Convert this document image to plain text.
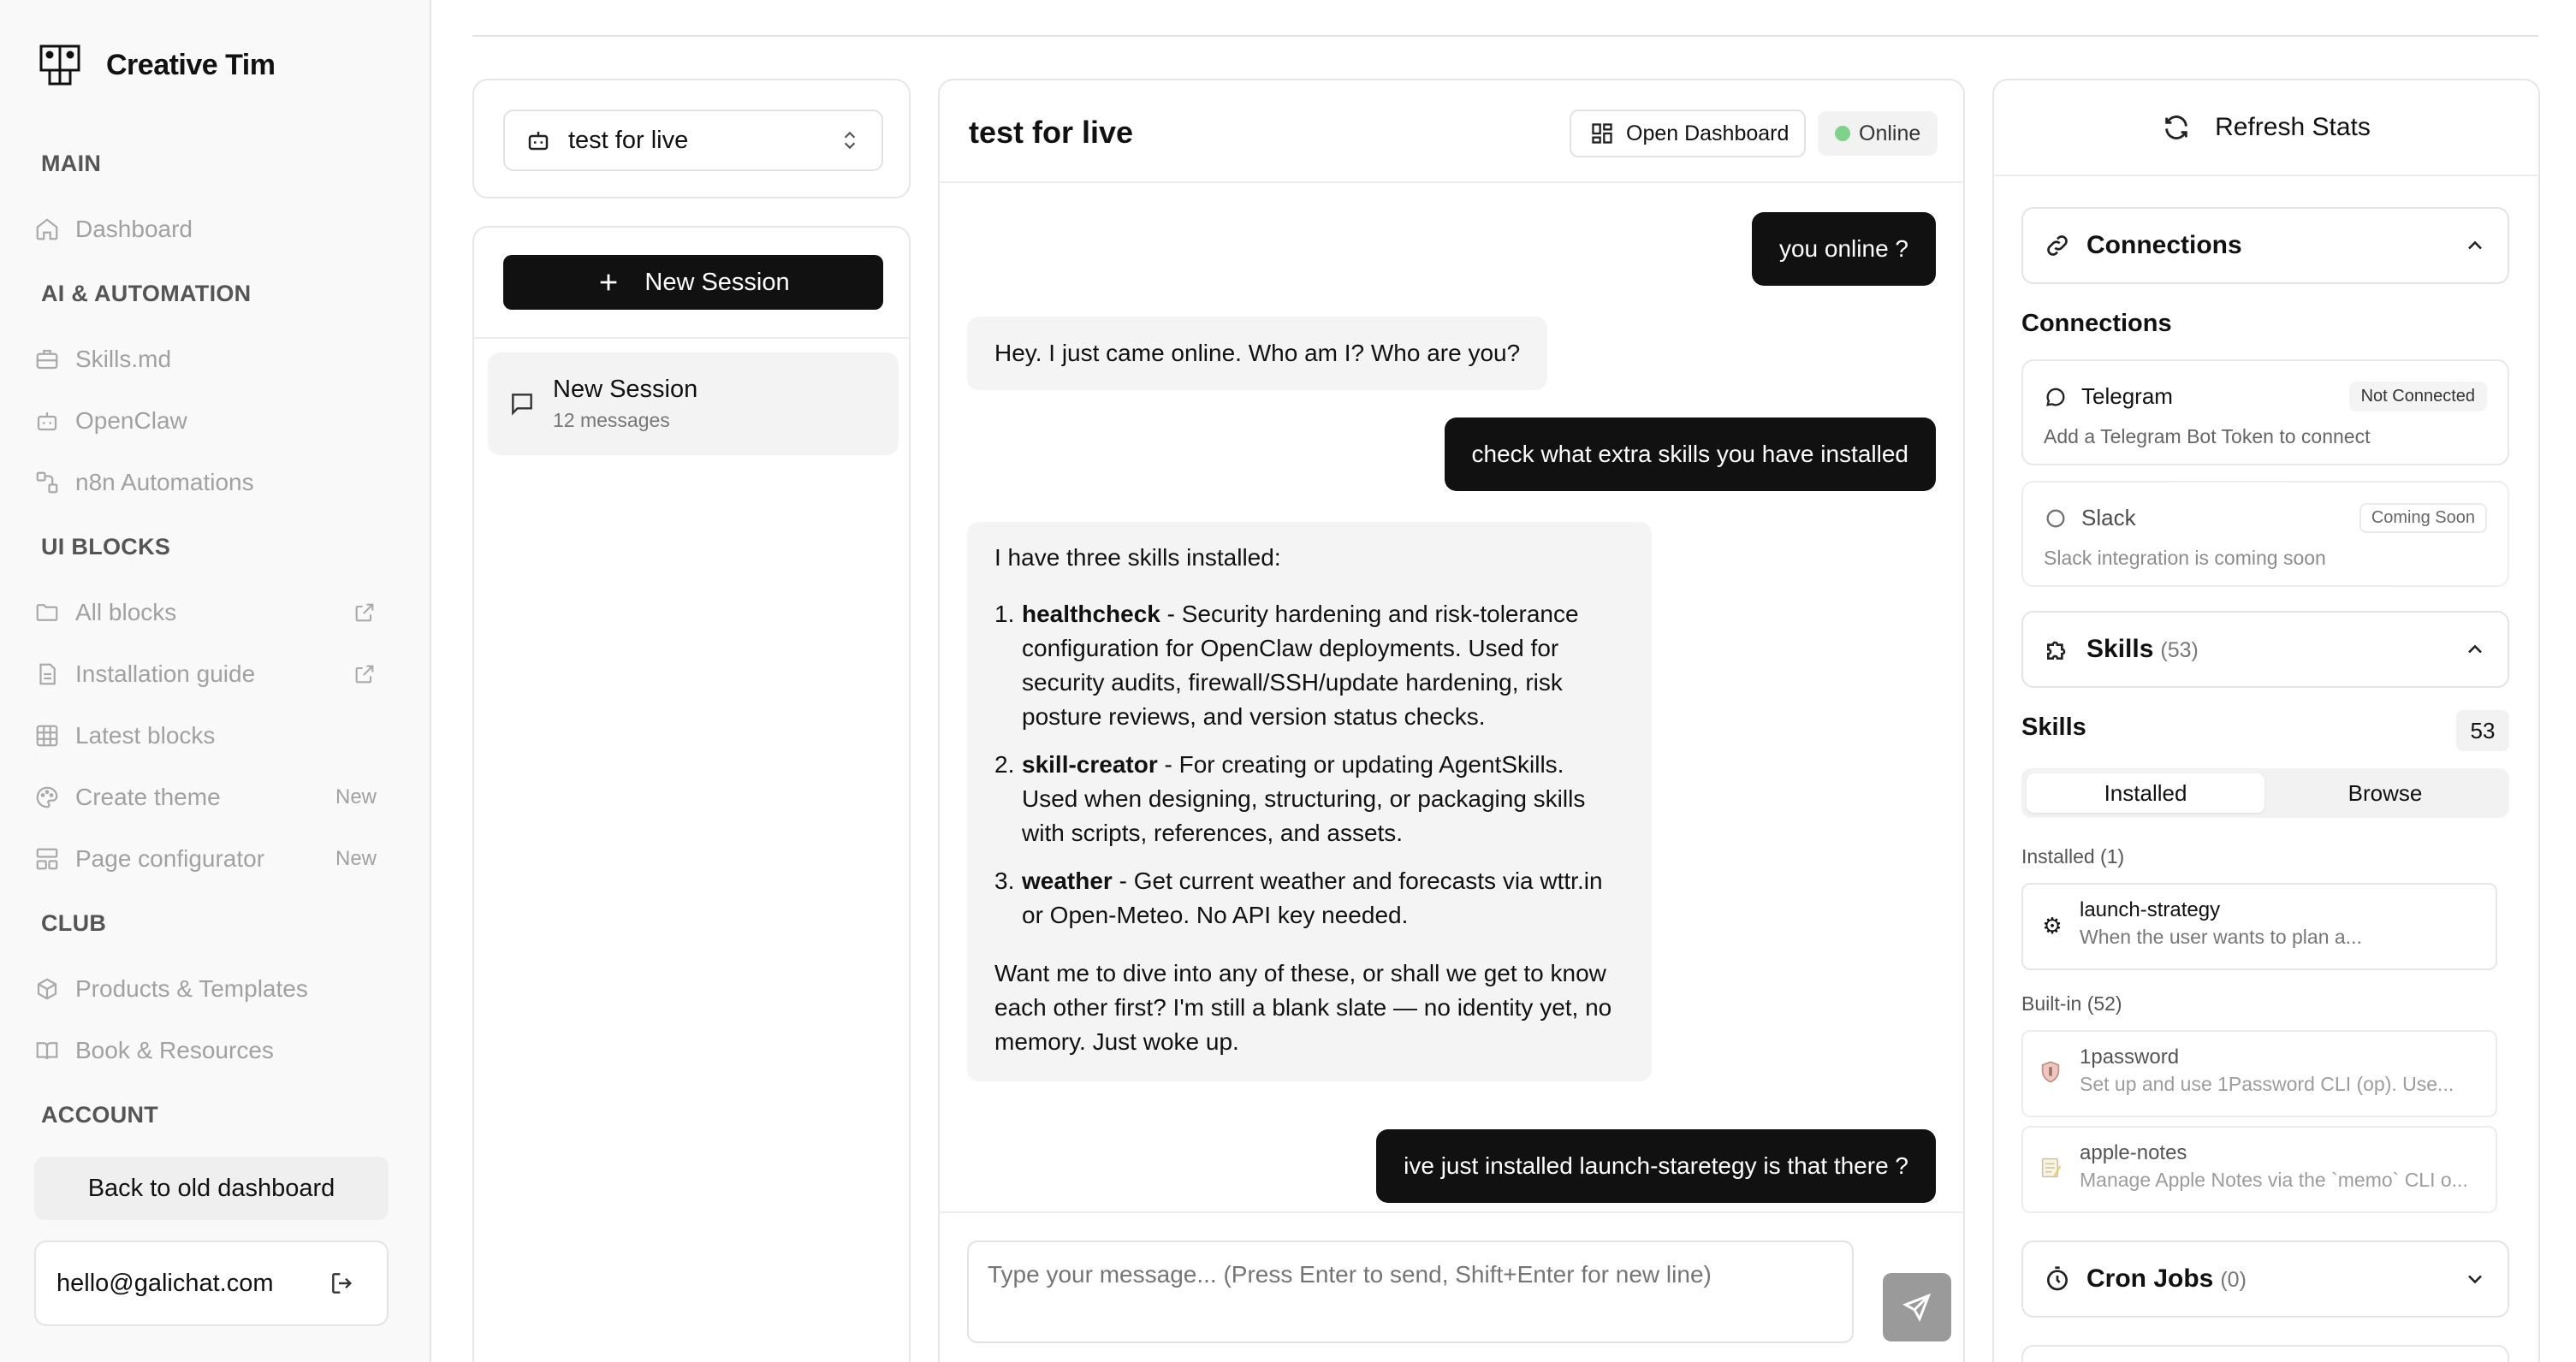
Creative Tim
MAIN
Dashboard
AI & AUTOMATION
Skills.md
OpenClaw
n8n Automations
UI BLOCKS
All blocks
Installation guide
Latest blocks
Create theme	New
Page configurator	New
CLUB
Products & Templates
Book & Resources
ACCOUNT
Back to old dashboard
hello@galichat.com
test for live
New Session
New Session
12 messages
test for live	Open Dashboard	Online
you online ?
Hey. I just came online. Who am I? Who are you?
check what extra skills you have installed
I have three skills installed:
1. healthcheck - Security hardening and risk-tolerance configuration for OpenClaw deployments. Used for security audits, firewall/SSH/update hardening, risk posture reviews, and version status checks.
2. skill-creator - For creating or updating AgentSkills. Used when designing, structuring, or packaging skills with scripts, references, and assets.
3. weather - Get current weather and forecasts via wttr.in or Open-Meteo. No API key needed.
Want me to dive into any of these, or shall we get to know each other first? I'm still a blank slate — no identity yet, no memory. Just woke up.
ive just installed launch-staretegy is that there ?
Type your message... (Press Enter to send, Shift+Enter for new line)
Refresh Stats
Connections
Connections
Telegram	Not Connected
Add a Telegram Bot Token to connect
Slack	Coming Soon
Slack integration is coming soon
Skills (53)
Skills	53
Installed	Browse
Installed (1)
⚙
launch-strategy
When the user wants to plan a...
Built-in (52)
1password
Set up and use 1Password CLI (op). Use...
apple-notes
Manage Apple Notes via the `memo` CLI o...
Cron Jobs (0)
